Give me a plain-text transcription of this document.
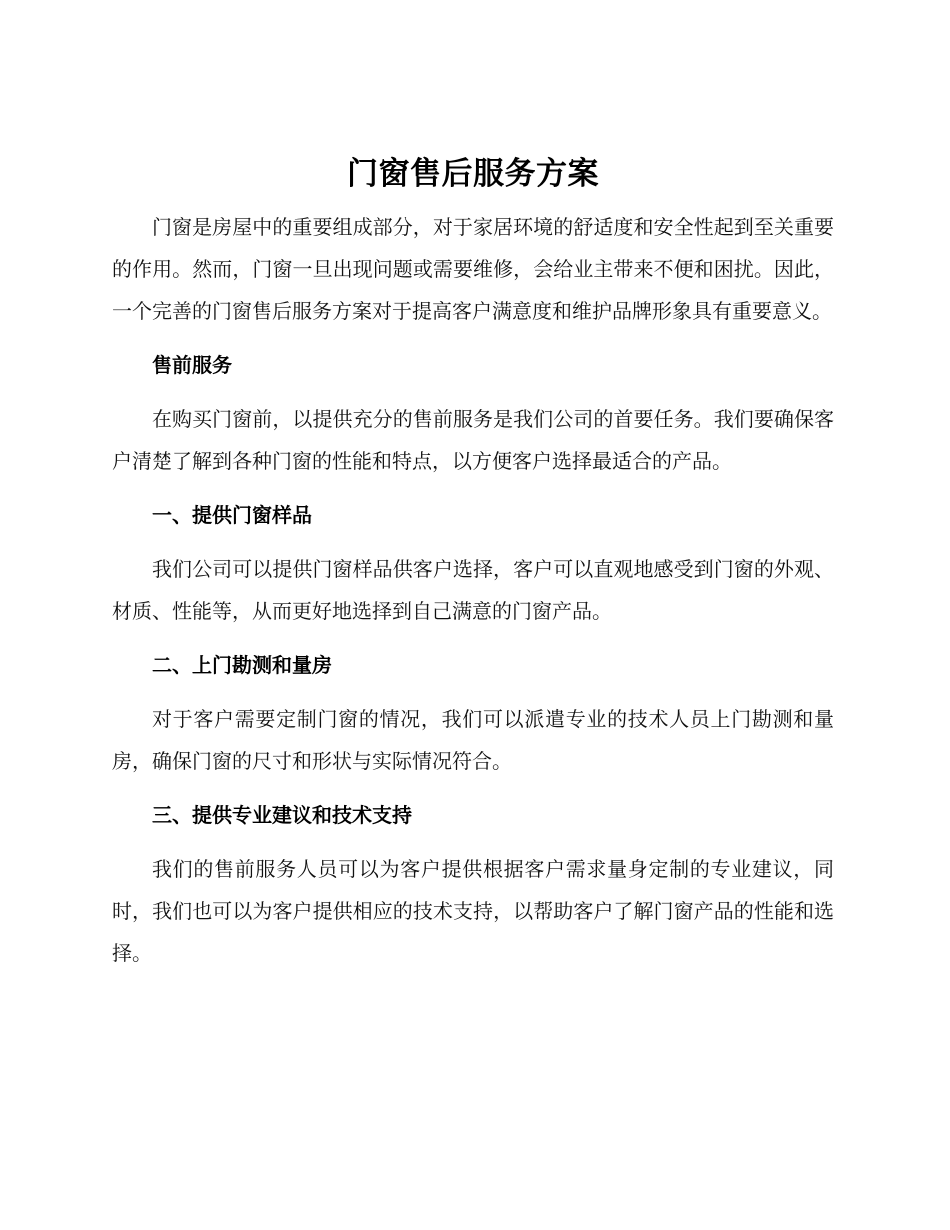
门窗售后服务方案

门窗是房屋中的重要组成部分，对于家居环境的舒适度和安全性起到至关重要的作用。然而，门窗一旦出现问题或需要维修，会给业主带来不便和困扰。因此，一个完善的门窗售后服务方案对于提高客户满意度和维护品牌形象具有重要意义。

售前服务

在购买门窗前，以提供充分的售前服务是我们公司的首要任务。我们要确保客户清楚了解到各种门窗的性能和特点，以方便客户选择最适合的产品。

一、提供门窗样品

我们公司可以提供门窗样品供客户选择，客户可以直观地感受到门窗的外观、材质、性能等，从而更好地选择到自己满意的门窗产品。

二、上门勘测和量房

对于客户需要定制门窗的情况，我们可以派遣专业的技术人员上门勘测和量房，确保门窗的尺寸和形状与实际情况符合。

三、提供专业建议和技术支持

我们的售前服务人员可以为客户提供根据客户需求量身定制的专业建议，同时，我们也可以为客户提供相应的技术支持，以帮助客户了解门窗产品的性能和选择。
